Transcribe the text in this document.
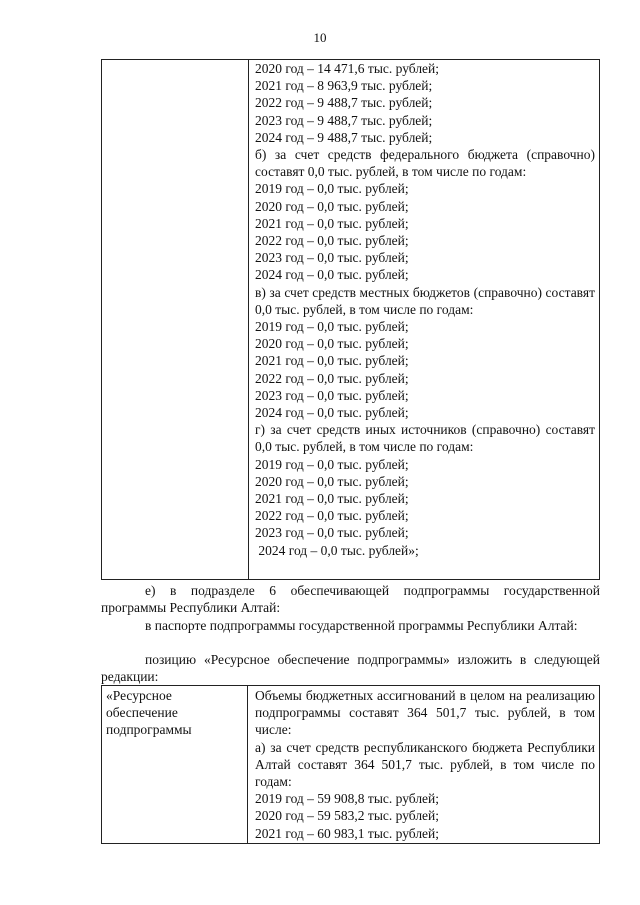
10
2020 год – 14 471,6 тыс. рублей;
2021 год – 8 963,9 тыс. рублей;
2022 год – 9 488,7 тыс. рублей;
2023 год – 9 488,7 тыс. рублей;
2024 год – 9 488,7 тыс. рублей;
б) за счет средств федерального бюджета (справочно) составят 0,0 тыс. рублей, в том числе по годам:
2019 год – 0,0 тыс. рублей;
2020 год – 0,0 тыс. рублей;
2021 год – 0,0 тыс. рублей;
2022 год – 0,0 тыс. рублей;
2023 год – 0,0 тыс. рублей;
2024 год – 0,0 тыс. рублей;
в) за счет средств местных бюджетов (справочно) составят 0,0 тыс. рублей, в том числе по годам:
2019 год – 0,0 тыс. рублей;
2020 год – 0,0 тыс. рублей;
2021 год – 0,0 тыс. рублей;
2022 год – 0,0 тыс. рублей;
2023 год – 0,0 тыс. рублей;
2024 год – 0,0 тыс. рублей;
г) за счет средств иных источников (справочно) составят 0,0 тыс. рублей, в том числе по годам:
2019 год – 0,0 тыс. рублей;
2020 год – 0,0 тыс. рублей;
2021 год – 0,0 тыс. рублей;
2022 год – 0,0 тыс. рублей;
2023 год – 0,0 тыс. рублей;
2024 год – 0,0 тыс. рублей»;
е) в подразделе 6 обеспечивающей подпрограммы государственной программы Республики Алтай:
в паспорте подпрограммы государственной программы Республики Алтай:
позицию «Ресурсное обеспечение подпрограммы» изложить в следующей редакции:
«Ресурсное обеспечение подпрограммы
Объемы бюджетных ассигнований в целом на реализацию подпрограммы составят 364 501,7 тыс. рублей, в том числе:
а) за счет средств республиканского бюджета Республики Алтай составят 364 501,7 тыс. рублей, в том числе по годам:
2019 год – 59 908,8 тыс. рублей;
2020 год – 59 583,2 тыс. рублей;
2021 год – 60 983,1 тыс. рублей;
